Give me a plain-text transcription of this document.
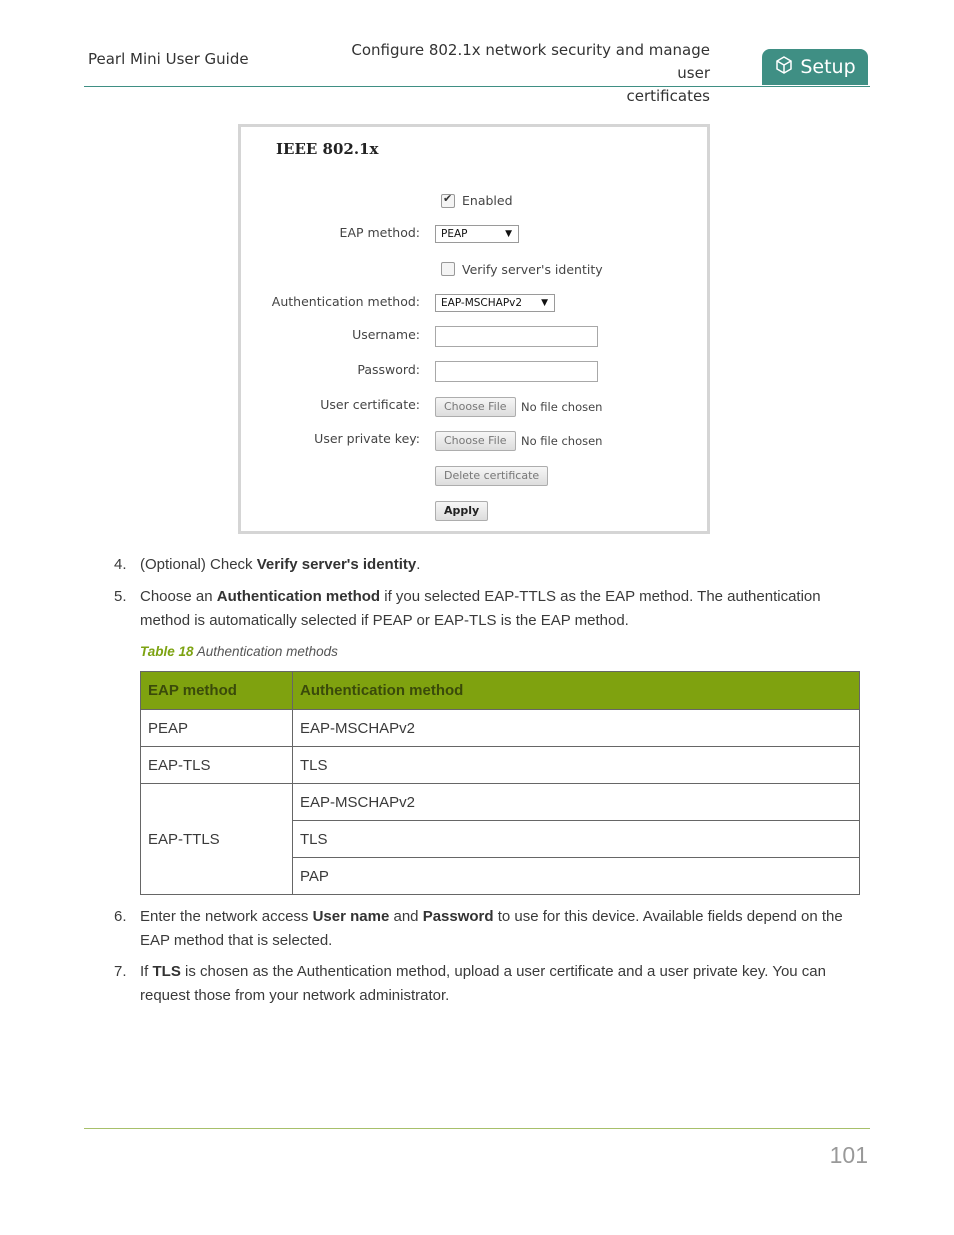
Pearl Mini User Guide	Configure 802.1x network security and manage user
certificates
Setup
IEEE 802.1x
✔
Enabled
EAP method:	PEAP	▼
Verify server's identity
Authentication method:	EAP-MSCHAPv2 ▼
Username:
Password:
User certificate:	Choose File	No file chosen
User private key:	Choose File	No file chosen
Delete certificate
Apply
4. (Optional) Check Verify server's identity.
5. Choose an Authentication method if you selected EAP-TTLS as the EAP method. The authentication method is automatically selected if PEAP or EAP-TLS is the EAP method.
Table 18 Authentication methods
EAP method	Authentication method
PEAP	EAP-MSCHAPv2
EAP-TLS	TLS
EAP-TTLS	EAP-MSCHAPv2
	TLS
	PAP
6. Enter the network access User name and Password to use for this device. Available fields depend on the EAP method that is selected.
7. If TLS is chosen as the Authentication method, upload a user certificate and a user private key. You can request those from your network administrator.
101
